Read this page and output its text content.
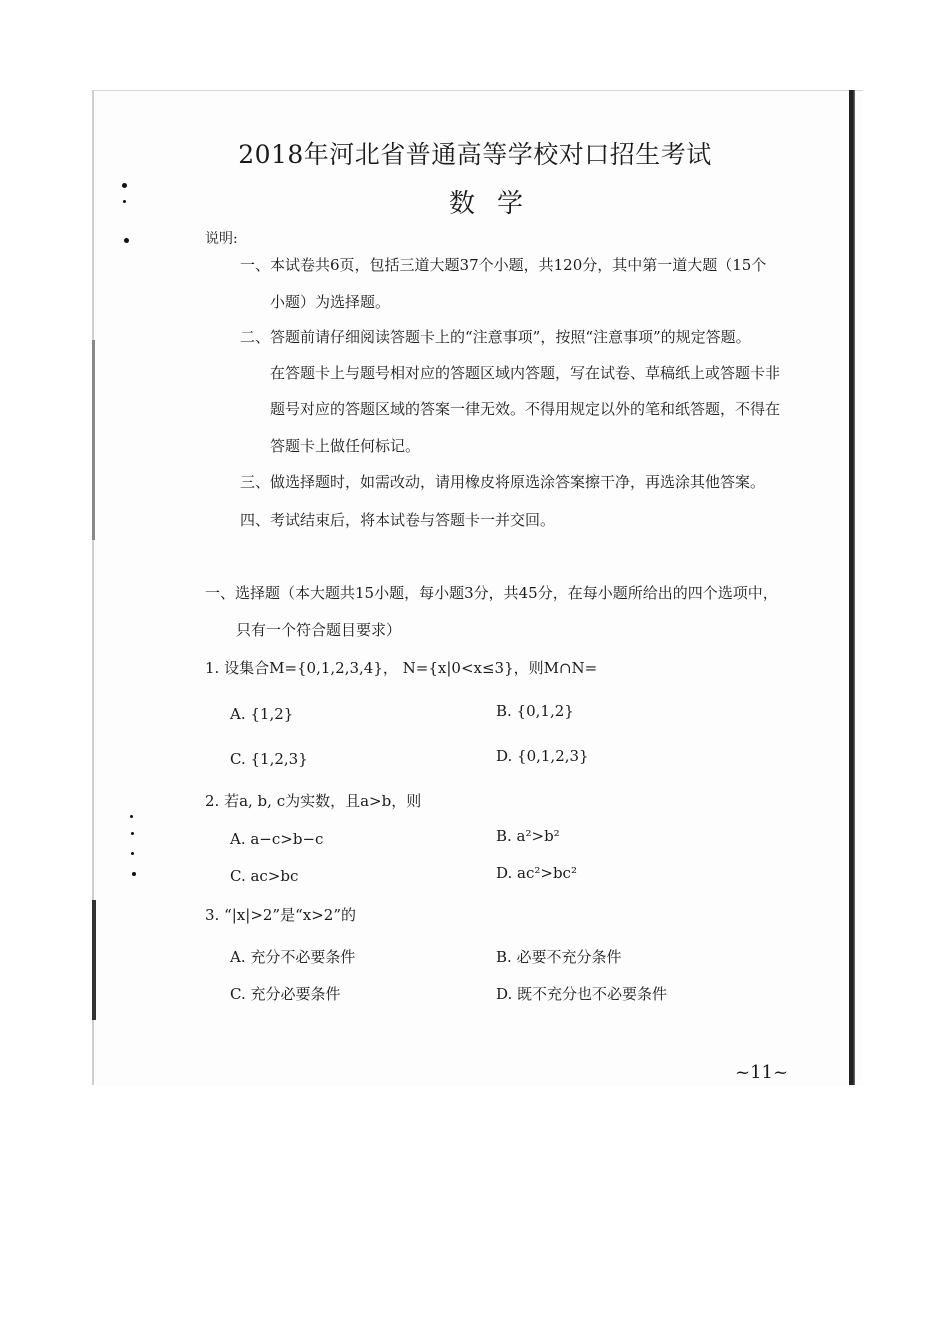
2018年河北省普通高等学校对口招生考试
数学
说明:
一、本试卷共6页，包括三道大题37个小题，共120分，其中第一道大题（15个
小题）为选择题。
二、答题前请仔细阅读答题卡上的“注意事项”，按照“注意事项”的规定答题。
在答题卡上与题号相对应的答题区域内答题，写在试卷、草稿纸上或答题卡非
题号对应的答题区域的答案一律无效。不得用规定以外的笔和纸答题，不得在
答题卡上做任何标记。
三、做选择题时，如需改动，请用橡皮将原选涂答案擦干净，再选涂其他答案。
四、考试结束后，将本试卷与答题卡一并交回。
一、选择题（本大题共15小题，每小题3分，共45分，在每小题所给出的四个选项中，
只有一个符合题目要求）
1. 设集合M={0,1,2,3,4}， N={x|0<x≤3}，则M∩N=
A. {1,2}	B. {0,1,2}
C. {1,2,3}	D. {0,1,2,3}
2. 若a, b, c为实数，且a>b，则
A. a−c>b−c	B. a²>b²
C. ac>bc	D. ac²>bc²
3. “|x|>2”是“x>2”的
A. 充分不必要条件	B. 必要不充分条件
C. 充分必要条件	D. 既不充分也不必要条件
~11~
